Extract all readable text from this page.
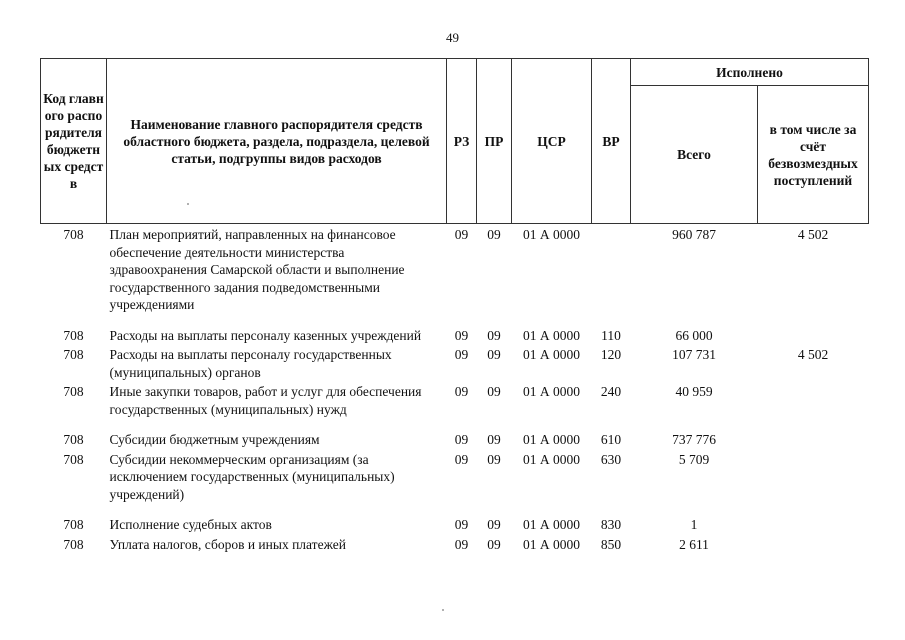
49
Код главного распорядителя бюджетных средств	Наименование главного распорядителя средств областного бюджета, раздела, подраздела, целевой статьи, подгруппы видов расходов	РЗ	ПР	ЦСР	ВР	Исполнено	
						Всего	в том числе за счёт безвозмездных поступлений
708	План мероприятий, направленных на финансовое обеспечение деятельности министерства здравоохранения Самарской области и выполнение государственного задания подведомственными учреждениями	09	09	01 А 0000		960 787	4 502
708	Расходы на выплаты персоналу казенных учреждений	09	09	01 А 0000	110	66 000	
708	Расходы на выплаты персоналу государственных (муниципальных) органов	09	09	01 А 0000	120	107 731	4 502
708	Иные закупки товаров, работ и услуг для обеспечения государственных (муниципальных) нужд	09	09	01 А 0000	240	40 959	
708	Субсидии бюджетным учреждениям	09	09	01 А 0000	610	737 776	
708	Субсидии некоммерческим организациям (за исключением государственных (муниципальных) учреждений)	09	09	01 А 0000	630	5 709	
708	Исполнение судебных актов	09	09	01 А 0000	830	1	
708	Уплата налогов, сборов и иных платежей	09	09	01 А 0000	850	2 611	
